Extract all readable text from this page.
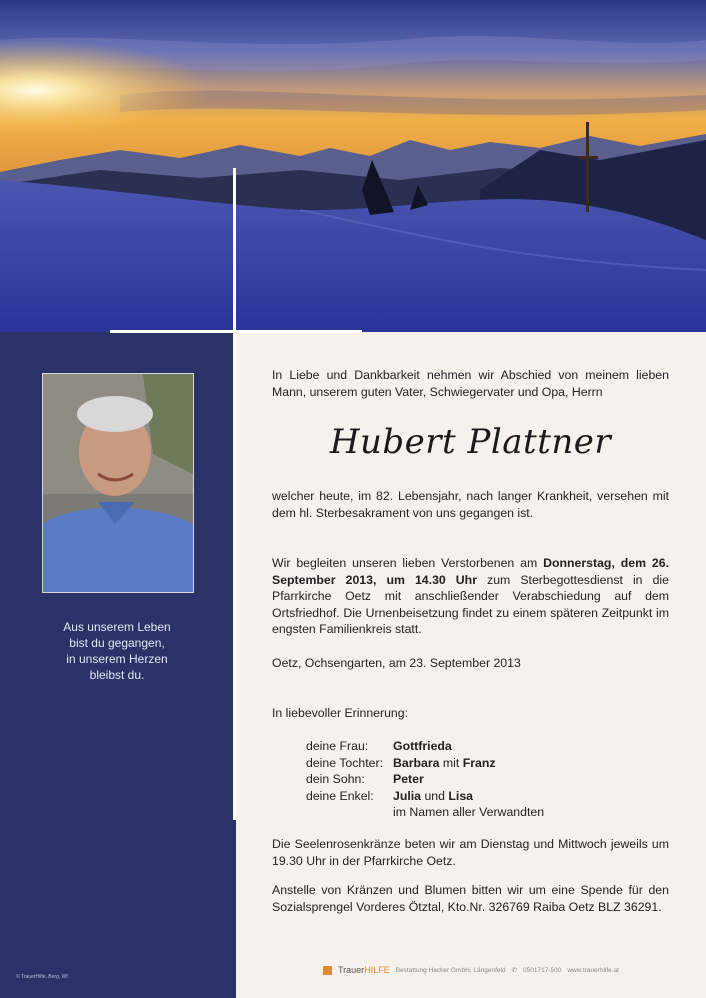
Aus unserem Leben
bist du gegangen,
in unserem Herzen
bleibst du.
© TrauerHilfe, Berg, Wf
In Liebe und Dankbarkeit nehmen wir Abschied von meinem lieben Mann, unserem guten Vater, Schwiegervater und Opa, Herrn
Hubert Plattner
welcher heute, im 82. Lebensjahr, nach langer Krankheit, versehen mit dem hl. Sterbesakrament von uns gegangen ist.
Wir begleiten unseren lieben Verstorbenen am Donnerstag, dem 26. September 2013, um 14.30 Uhr zum Sterbegottesdienst in die Pfarrkirche Oetz mit anschließender Verabschiedung auf dem Ortsfriedhof. Die Urnenbeisetzung findet zu einem späteren Zeitpunkt im engsten Familienkreis statt.
Oetz, Ochsengarten, am 23. September 2013
In liebevoller Erinnerung:
deine Frau:	Gottfrieda
deine Tochter: Barbara mit Franz
dein Sohn:	Peter
deine Enkel:	Julia und Lisa
im Namen aller Verwandten
Die Seelenrosenkränze beten wir am Dienstag und Mittwoch jeweils um 19.30 Uhr in der Pfarrkirche Oetz.
Anstelle von Kränzen und Blumen bitten wir um eine Spende für den Sozialsprengel Vorderes Ötztal, Kto.Nr. 326769 Raiba Oetz BLZ 36291.
TrauerHILFE Bestattung Hacker GmbH, Längenfeld ✆ 0501717-500 www.trauerhilfe.at
